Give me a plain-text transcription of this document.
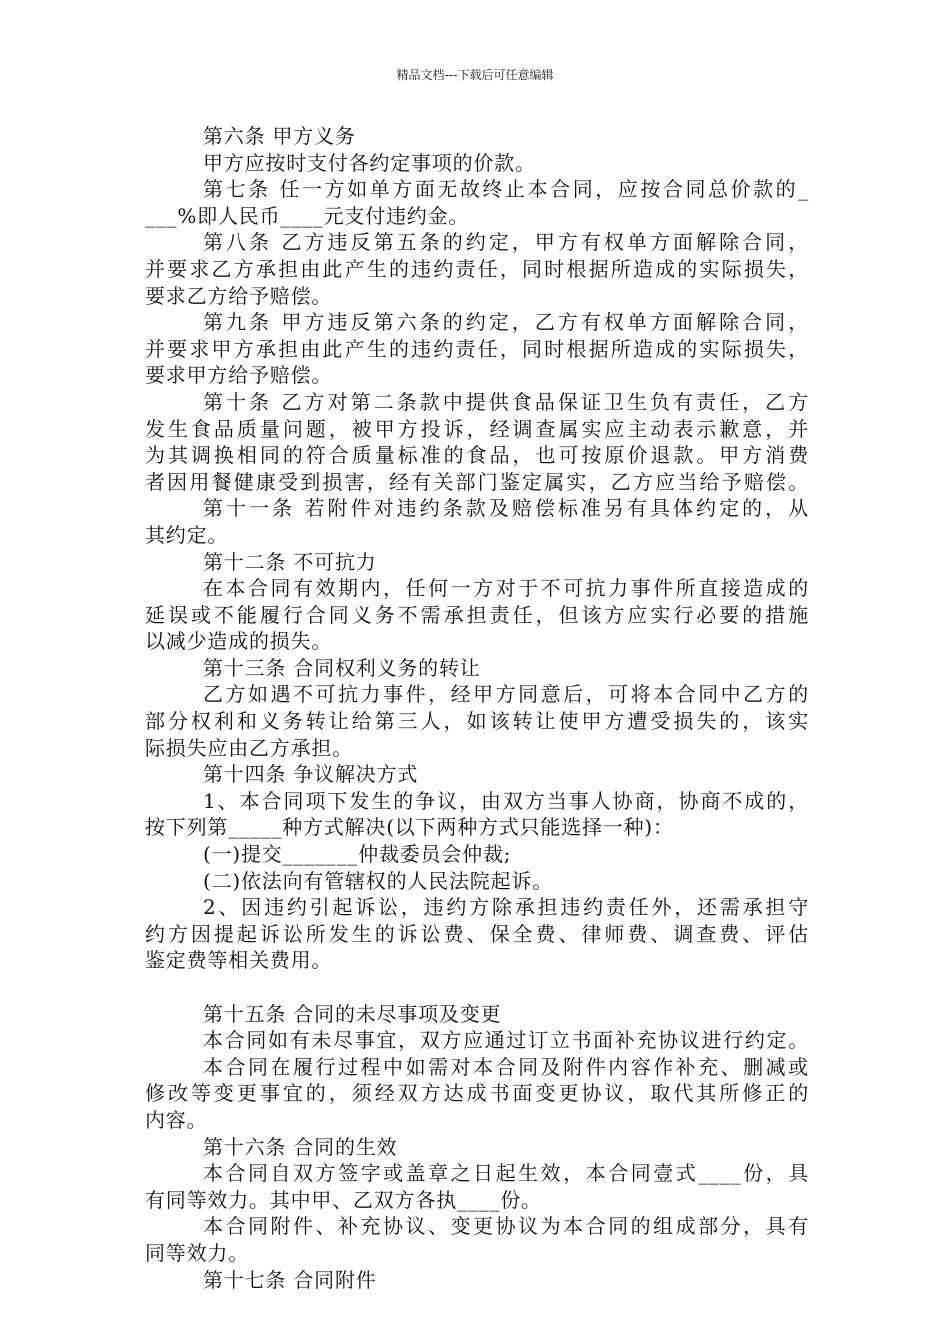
精品文档---下载后可任意编辑
第六条 甲方义务
甲方应按时支付各约定事项的价款。
第七条 任一方如单方面无故终止本合同，应按合同总价款的_
___%即人民币____元支付违约金。
第八条 乙方违反第五条的约定，甲方有权单方面解除合同，
并要求乙方承担由此产生的违约责任，同时根据所造成的实际损失，
要求乙方给予赔偿。
第九条 甲方违反第六条的约定，乙方有权单方面解除合同，
并要求甲方承担由此产生的违约责任，同时根据所造成的实际损失，
要求甲方给予赔偿。
第十条 乙方对第二条款中提供食品保证卫生负有责任，乙方
发生食品质量问题，被甲方投诉，经调查属实应主动表示歉意，并
为其调换相同的符合质量标准的食品，也可按原价退款。甲方消费
者因用餐健康受到损害，经有关部门鉴定属实，乙方应当给予赔偿。
第十一条 若附件对违约条款及赔偿标准另有具体约定的，从
其约定。
第十二条 不可抗力
在本合同有效期内，任何一方对于不可抗力事件所直接造成的
延误或不能履行合同义务不需承担责任，但该方应实行必要的措施
以减少造成的损失。
第十三条 合同权利义务的转让
乙方如遇不可抗力事件，经甲方同意后，可将本合同中乙方的
部分权利和义务转让给第三人，如该转让使甲方遭受损失的，该实
际损失应由乙方承担。
第十四条 争议解决方式
1、本合同项下发生的争议，由双方当事人协商，协商不成的，
按下列第_____种方式解决(以下两种方式只能选择一种)：
(一)提交_______仲裁委员会仲裁;
(二)依法向有管辖权的人民法院起诉。
2、因违约引起诉讼，违约方除承担违约责任外，还需承担守
约方因提起诉讼所发生的诉讼费、保全费、律师费、调查费、评估
鉴定费等相关费用。
第十五条 合同的未尽事项及变更
本合同如有未尽事宜，双方应通过订立书面补充协议进行约定。
本合同在履行过程中如需对本合同及附件内容作补充、删减或
修改等变更事宜的，须经双方达成书面变更协议，取代其所修正的
内容。
第十六条 合同的生效
本合同自双方签字或盖章之日起生效，本合同壹式____份，具
有同等效力。其中甲、乙双方各执____份。
本合同附件、补充协议、变更协议为本合同的组成部分，具有
同等效力。
第十七条 合同附件
